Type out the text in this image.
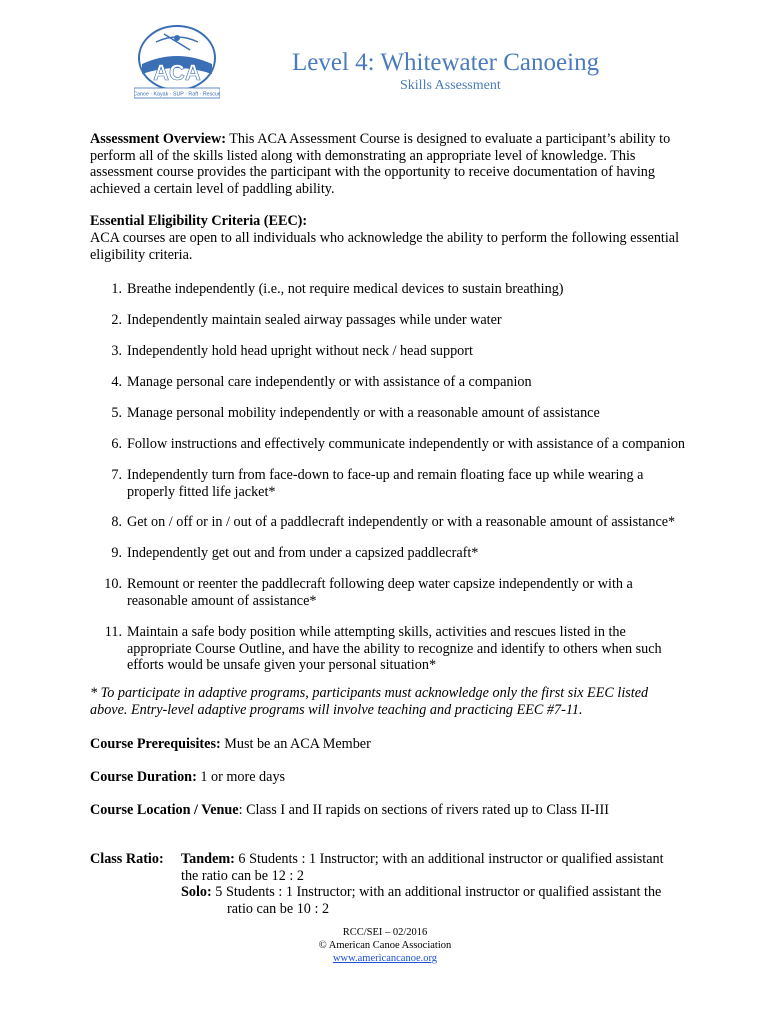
ACA
Canoe · Kayak · SUP · Raft · Rescue
Level 4: Whitewater Canoeing
Skills Assessment
Assessment Overview: This ACA Assessment Course is designed to evaluate a participant’s ability to perform all of the skills listed along with demonstrating an appropriate level of knowledge. This assessment course provides the participant with the opportunity to receive documentation of having achieved a certain level of paddling ability.
Essential Eligibility Criteria (EEC):
ACA courses are open to all individuals who acknowledge the ability to perform the following essential eligibility criteria.
1. Breathe independently (i.e., not require medical devices to sustain breathing)
2. Independently maintain sealed airway passages while under water
3. Independently hold head upright without neck / head support
4. Manage personal care independently or with assistance of a companion
5. Manage personal mobility independently or with a reasonable amount of assistance
6. Follow instructions and effectively communicate independently or with assistance of a companion
7. Independently turn from face-down to face-up and remain floating face up while wearing a properly fitted life jacket*
8. Get on / off or in / out of a paddlecraft independently or with a reasonable amount of assistance*
9. Independently get out and from under a capsized paddlecraft*
10. Remount or reenter the paddlecraft following deep water capsize independently or with a reasonable amount of assistance*
11. Maintain a safe body position while attempting skills, activities and rescues listed in the appropriate Course Outline, and have the ability to recognize and identify to others when such efforts would be unsafe given your personal situation*
* To participate in adaptive programs, participants must acknowledge only the first six EEC listed above. Entry-level adaptive programs will involve teaching and practicing EEC #7-11.
Course Prerequisites: Must be an ACA Member
Course Duration: 1 or more days
Course Location / Venue: Class I and II rapids on sections of rivers rated up to Class II-III
Class Ratio: Tandem: 6 Students : 1 Instructor; with an additional instructor or qualified assistant the ratio can be 12 : 2
Solo: 5 Students : 1 Instructor; with an additional instructor or qualified assistant the
ratio can be 10 : 2
RCC/SEI – 02/2016
© American Canoe Association
www.americancanoe.org
